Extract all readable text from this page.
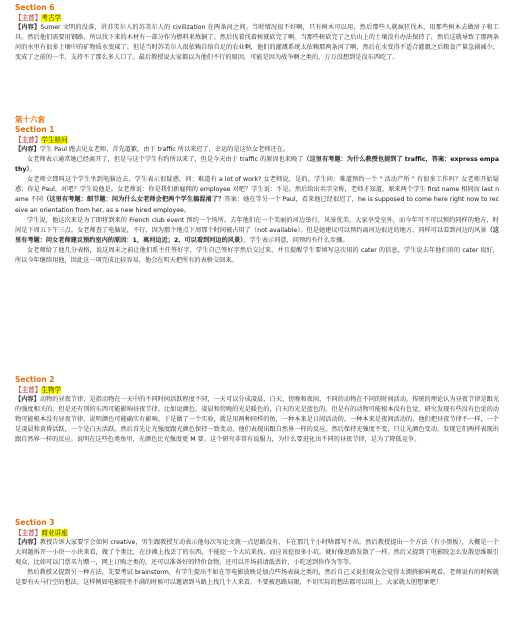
Section 6

【主首】考古学

【内容】Sumer 文明的没落，讲苏美尔人的苏美尔人的 civilization 在两条河之间。当时情况很不好啊，只有树木可以用，然后那些人就疯狂伐木，用那些树木去做房子和工具。然后他们需要用钢路，所以伐下来的木材有一部分作为燃料来炼铜了。然后伐着伐着树就砍完了啊。当那些树砍完了之后山上的土壤没有办法保持了，然后这就导致了那两条河的水里有很多土壤中的矿物质水变咸了。但是当时苏美尔人很依赖自给自足的农业啊，他们的灌溉系统太依赖那两条河了啊，然后在水变得不适合灌溉之后粮食产量急剧减少，变成了之前的一半，支持不了那么多人口了。最后教授说大家都以为他们不行的原因，可能是因为战争啊之类的，万万没想到是没东西吃了。

第十六套

Section 1

【主首】学生赔问

【内容】学生 Paul 跑去见女老师，首先道歉，由于 traffic 所以来迟了，幸运的是这位女老师还在。

女老师表示通常她已经离开了，但是与这个学生有约所以来了，但是今天由于 traffic 的原因也来晚了（这里有考题：为什么教授也提到了 traffic，答案：express empathy）。

女老师立即叫这个学生坐到电脑边去，学生表示很疑惑，问：难道有 a lot of work? 女老师说，是的。学生问：难道预约一个 " 活动产所 " 有很多工作吗？女老师开始疑惑：你是 Paul，对吧？学生说他是。女老师说：你是我们新雇佣的 employee 对吧？学生说：不是。然后给出名字全称，老师才知道，原来两个学生 first name 相同而 last name 不同（这里有考题：细节题：问为什么女老师会把两个学生搞混淆了？答案：她在等另一个 Paul，看来他已经很迟了，he is supposed to come here right now to receive an orientation from her, as a new hired employee。

学生说，他这次来是为了即将到来的 French club event 预约一个场所。去年他们在一个美丽的河边举行，风景优美，大家享受室外，而今年可不可以预约同样的地方，时间是下周五下午三点。女老师查了电脑说，不行，因为那个地点下周那个时间被占用了（not available）。但是她建议可以预约离河边很近的地方，同样可以看到河边的风景（这里有考题：问女老师建议预约室内的原因：1，离河边近；2，可以看到河边的风景）。学生表示同意，问预约有什么步骤。

女老师给了他几分表格，说这周末之前让他们系主任签好字，学生自己签好字然后交过来，并且提醒学生要填写这次用的 cater 的信息，学生说去年他们用的 cater 很好，所以今年继续用他，因此这一项完成比较容易，他会在明天把所有的表格交回来。

Section 2

【主首】生物学

【内容】动物的昼夜节律，是指动物在一天中的不同时间活跃程度不同，一天可以分成凌晨、白天、傍晚和夜间，不同的动物在不同的时间活动。传统的理论认为昼夜节律是跟光的强度相关的，但是还有别的东西可能影响昼夜节律。比如说颜色，凌晨和傍晚的光是暖色的，白天的光是蓝色的。但是有的动物可能根本没有色觉。研究发现有些没有色觉的动物可能根本没有昼夜节律，说明颜色可能确实有影响。于是做了一个实验，就是用两种同样的鱼，一种本来是日间活动的，一种本来是夜间活动的。他们把昼夜节律不一样，一个是凌晨和黄昏活跃，一个是白天活跃。然后首先让光强度跟光颜色保持一致变动，他们表现出跟自然界一样的反应。然后保持光强度不变，只让光颜色变动，发现它们两样表现出跟自然界一样的反应。说明在这些色类鱼里，光颜色比光强度更 M 要。这个研究非常有说服力，为什么要进化出不同的昼夜节律，是为了降低竞争。

Section 3

【主首】商业讲座

【内容】教授告诉大家要学会如何 creative，男生跟教授互动表示他每次写论文就一点思路没有，卡在那几个小时啥都写不出。然后教授提出一个方法（有小黑板），大概是一个大问题拆开一小块一小块来看，做了个类比，在沙滩上找丢了的东西，不能挖一个大坑来找，而应该挖很多小坑，就好像思路发散了一样。然后又提到了电影院怎么发散思维吸引观众，比如可以门票买九赠一，网上订购之类的，还可以准备好的特价食物，还可以开场前请低票价，小吃送到你作为等等。

然后教授又提到另一种方法，先要考试 brainstorm，有学生提出不如在等电影放映是加点些场表演之类的，然后自己又说但观众会觉得太拥挤影响观看。老师说有的时候就是要有天马行空的想法，这样例如电影院坐不满的时候可以邀请到马路上找几个人来看，不要被思路局限，不切实际的想法都可以用上，大家就大胆想象吧！
